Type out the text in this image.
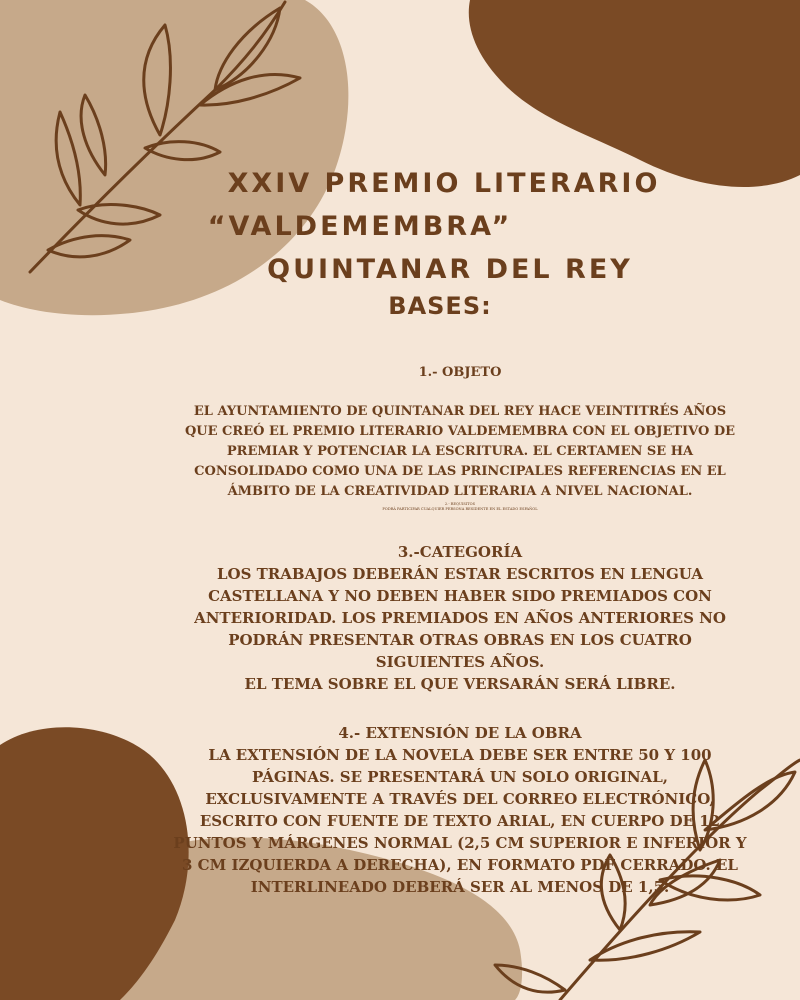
XXIV PREMIO LITERARIO
“VALDEMEMBRA”
QUINTANAR DEL REY
BASES:
1.- OBJETO
EL AYUNTAMIENTO DE QUINTANAR DEL REY HACE VEINTITRÉS AÑOS
QUE CREÓ EL PREMIO LITERARIO VALDEMEMBRA CON EL OBJETIVO DE
PREMIAR Y POTENCIAR LA ESCRITURA. EL CERTAMEN SE HA
CONSOLIDADO COMO UNA DE LAS PRINCIPALES REFERENCIAS EN EL
ÁMBITO DE LA CREATIVIDAD LITERARIA A NIVEL NACIONAL.
2.- REQUISITOS
PODRÁ PARTICIPAR CUALQUIER PERSONA RESIDENTE EN EL ESTADO ESPAÑOL
3.-CATEGORÍA
LOS TRABAJOS DEBERÁN ESTAR ESCRITOS EN LENGUA
CASTELLANA Y NO DEBEN HABER SIDO PREMIADOS CON
ANTERIORIDAD. LOS PREMIADOS EN AÑOS ANTERIORES NO
PODRÁN PRESENTAR OTRAS OBRAS EN LOS CUATRO
SIGUIENTES AÑOS.
EL TEMA SOBRE EL QUE VERSARÁN SERÁ LIBRE.
4.- EXTENSIÓN DE LA OBRA
LA EXTENSIÓN DE LA NOVELA DEBE SER ENTRE 50 Y 100
PÁGINAS. SE PRESENTARÁ UN SOLO ORIGINAL,
EXCLUSIVAMENTE A TRAVÉS DEL CORREO ELECTRÓNICO,
ESCRITO CON FUENTE DE TEXTO ARIAL, EN CUERPO DE 12
PUNTOS Y MÁRGENES NORMAL (2,5 CM SUPERIOR E INFERIOR Y
3 CM IZQUIERDA A DERECHA), EN FORMATO PDF CERRADO. EL
INTERLINEADO DEBERÁ SER AL MENOS DE 1,5.
